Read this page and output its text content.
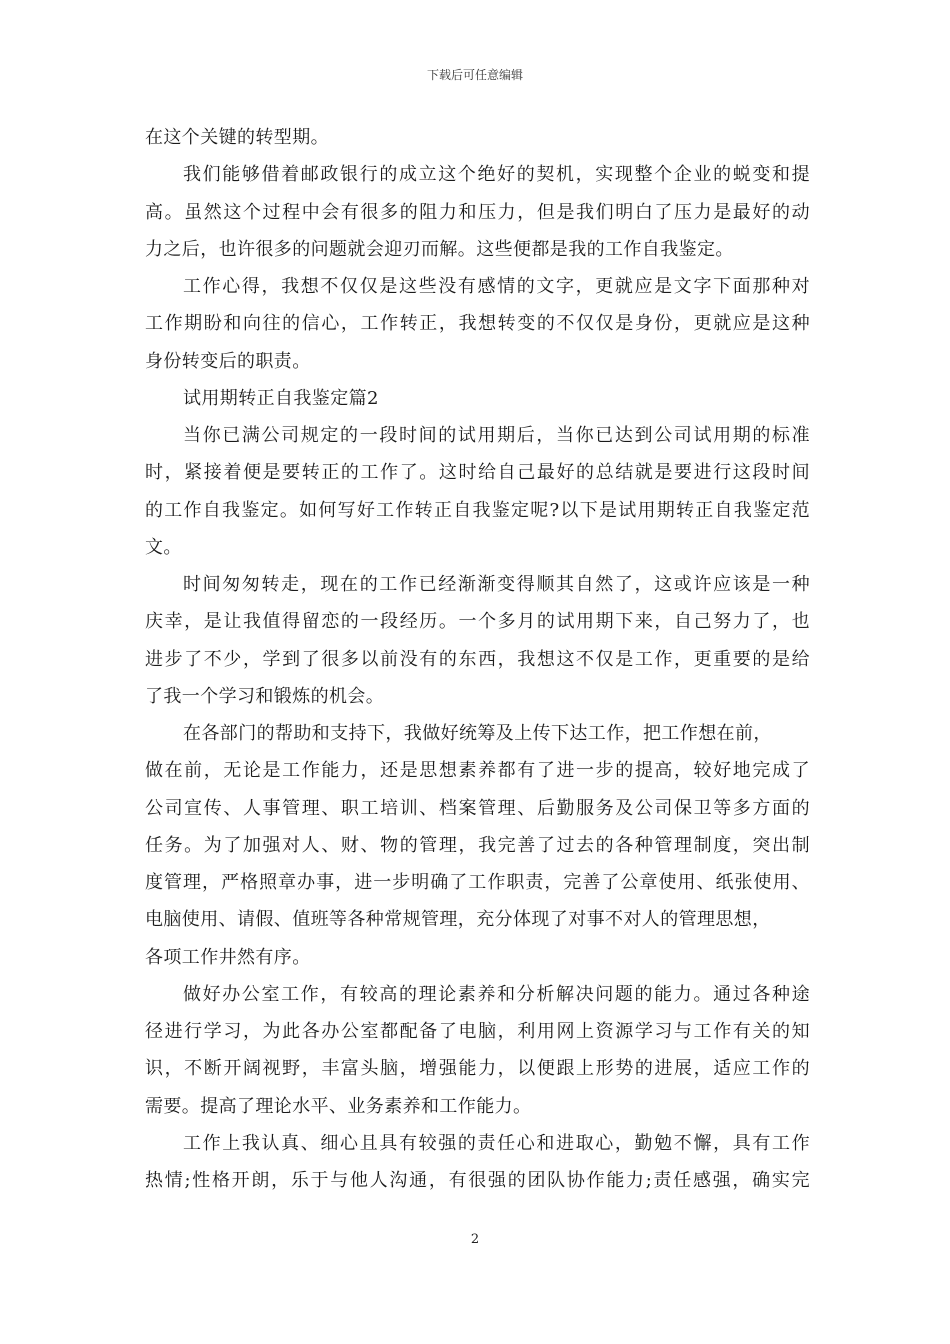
下载后可任意编辑
在这个关键的转型期。
我们能够借着邮政银行的成立这个绝好的契机，实现整个企业的蜕变和提
高。虽然这个过程中会有很多的阻力和压力，但是我们明白了压力是最好的动
力之后，也许很多的问题就会迎刃而解。这些便都是我的工作自我鉴定。
工作心得，我想不仅仅是这些没有感情的文字，更就应是文字下面那种对
工作期盼和向往的信心，工作转正，我想转变的不仅仅是身份，更就应是这种
身份转变后的职责。
试用期转正自我鉴定篇2
当你已满公司规定的一段时间的试用期后，当你已达到公司试用期的标准
时，紧接着便是要转正的工作了。这时给自己最好的总结就是要进行这段时间
的工作自我鉴定。如何写好工作转正自我鉴定呢?以下是试用期转正自我鉴定范
文。
时间匆匆转走，现在的工作已经渐渐变得顺其自然了，这或许应该是一种
庆幸，是让我值得留恋的一段经历。一个多月的试用期下来，自己努力了，也
进步了不少，学到了很多以前没有的东西，我想这不仅是工作，更重要的是给
了我一个学习和锻炼的机会。
在各部门的帮助和支持下，我做好统筹及上传下达工作，把工作想在前，
做在前，无论是工作能力，还是思想素养都有了进一步的提高，较好地完成了
公司宣传、人事管理、职工培训、档案管理、后勤服务及公司保卫等多方面的
任务。为了加强对人、财、物的管理，我完善了过去的各种管理制度，突出制
度管理，严格照章办事，进一步明确了工作职责，完善了公章使用、纸张使用、
电脑使用、请假、值班等各种常规管理，充分体现了对事不对人的管理思想，
各项工作井然有序。
做好办公室工作，有较高的理论素养和分析解决问题的能力。通过各种途
径进行学习，为此各办公室都配备了电脑，利用网上资源学习与工作有关的知
识，不断开阔视野，丰富头脑，增强能力，以便跟上形势的进展，适应工作的
需要。提高了理论水平、业务素养和工作能力。
工作上我认真、细心且具有较强的责任心和进取心，勤勉不懈，具有工作
热情;性格开朗，乐于与他人沟通，有很强的团队协作能力;责任感强，确实完
2
